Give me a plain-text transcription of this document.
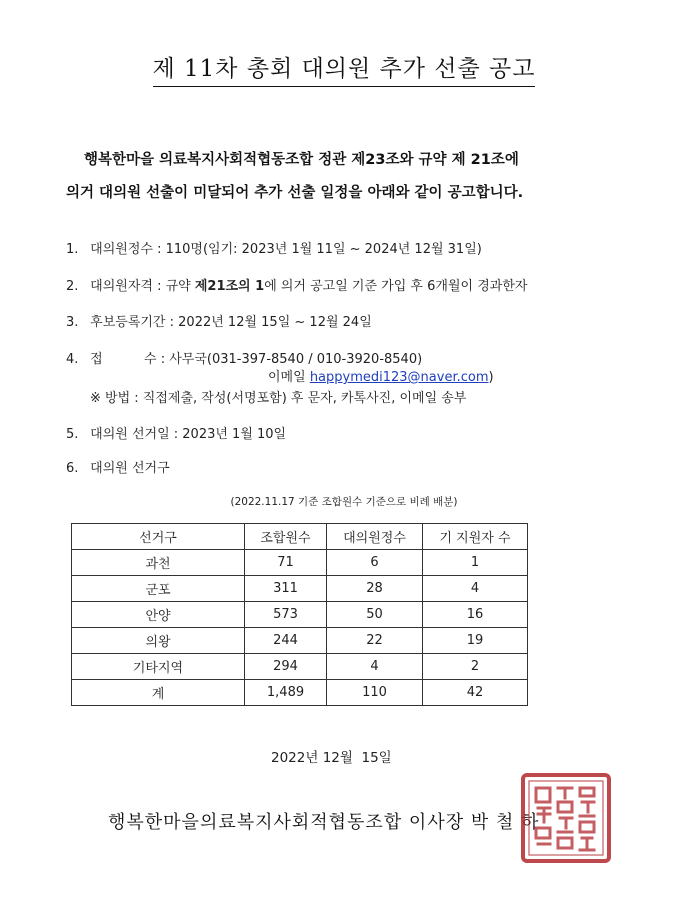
제 11차 총회 대의원 추가 선출 공고
행복한마을 의료복지사회적협동조합 정관 제23조와 규약 제 21조에
의거 대의원 선출이 미달되어 추가 선출 일정을 아래와 같이 공고합니다.
1. 대의원정수 : 110명(임기: 2023년 1월 11일 ~ 2024년 12월 31일)
2. 대의원자격 : 규약 제21조의 1에 의거 공고일 기준 가입 후 6개월이 경과한자
3. 후보등록기간 : 2022년 12월 15일 ~ 12월 24일
4. 접          수 : 사무국(031-397-8540 / 010-3920-8540)
5. 대의원 선거일 : 2023년 1월 10일
6. 대의원 선거구
이메일 happymedi123@naver.com)
※ 방법 : 직접제출, 작성(서명포함) 후 문자, 카톡사진, 이메일 송부
(2022.11.17 기준 조합원수 기준으로 비례 배분)
선거구	조합원수	대의원정수	기 지원자 수
과천	71	6	1
군포	311	28	4
안양	573	50	16
의왕	244	22	19
기타지역	294	4	2
계	1,489	110	42
2022년 12월  15일
행복한마을의료복지사회적협동조합 이사장 박 철 하
